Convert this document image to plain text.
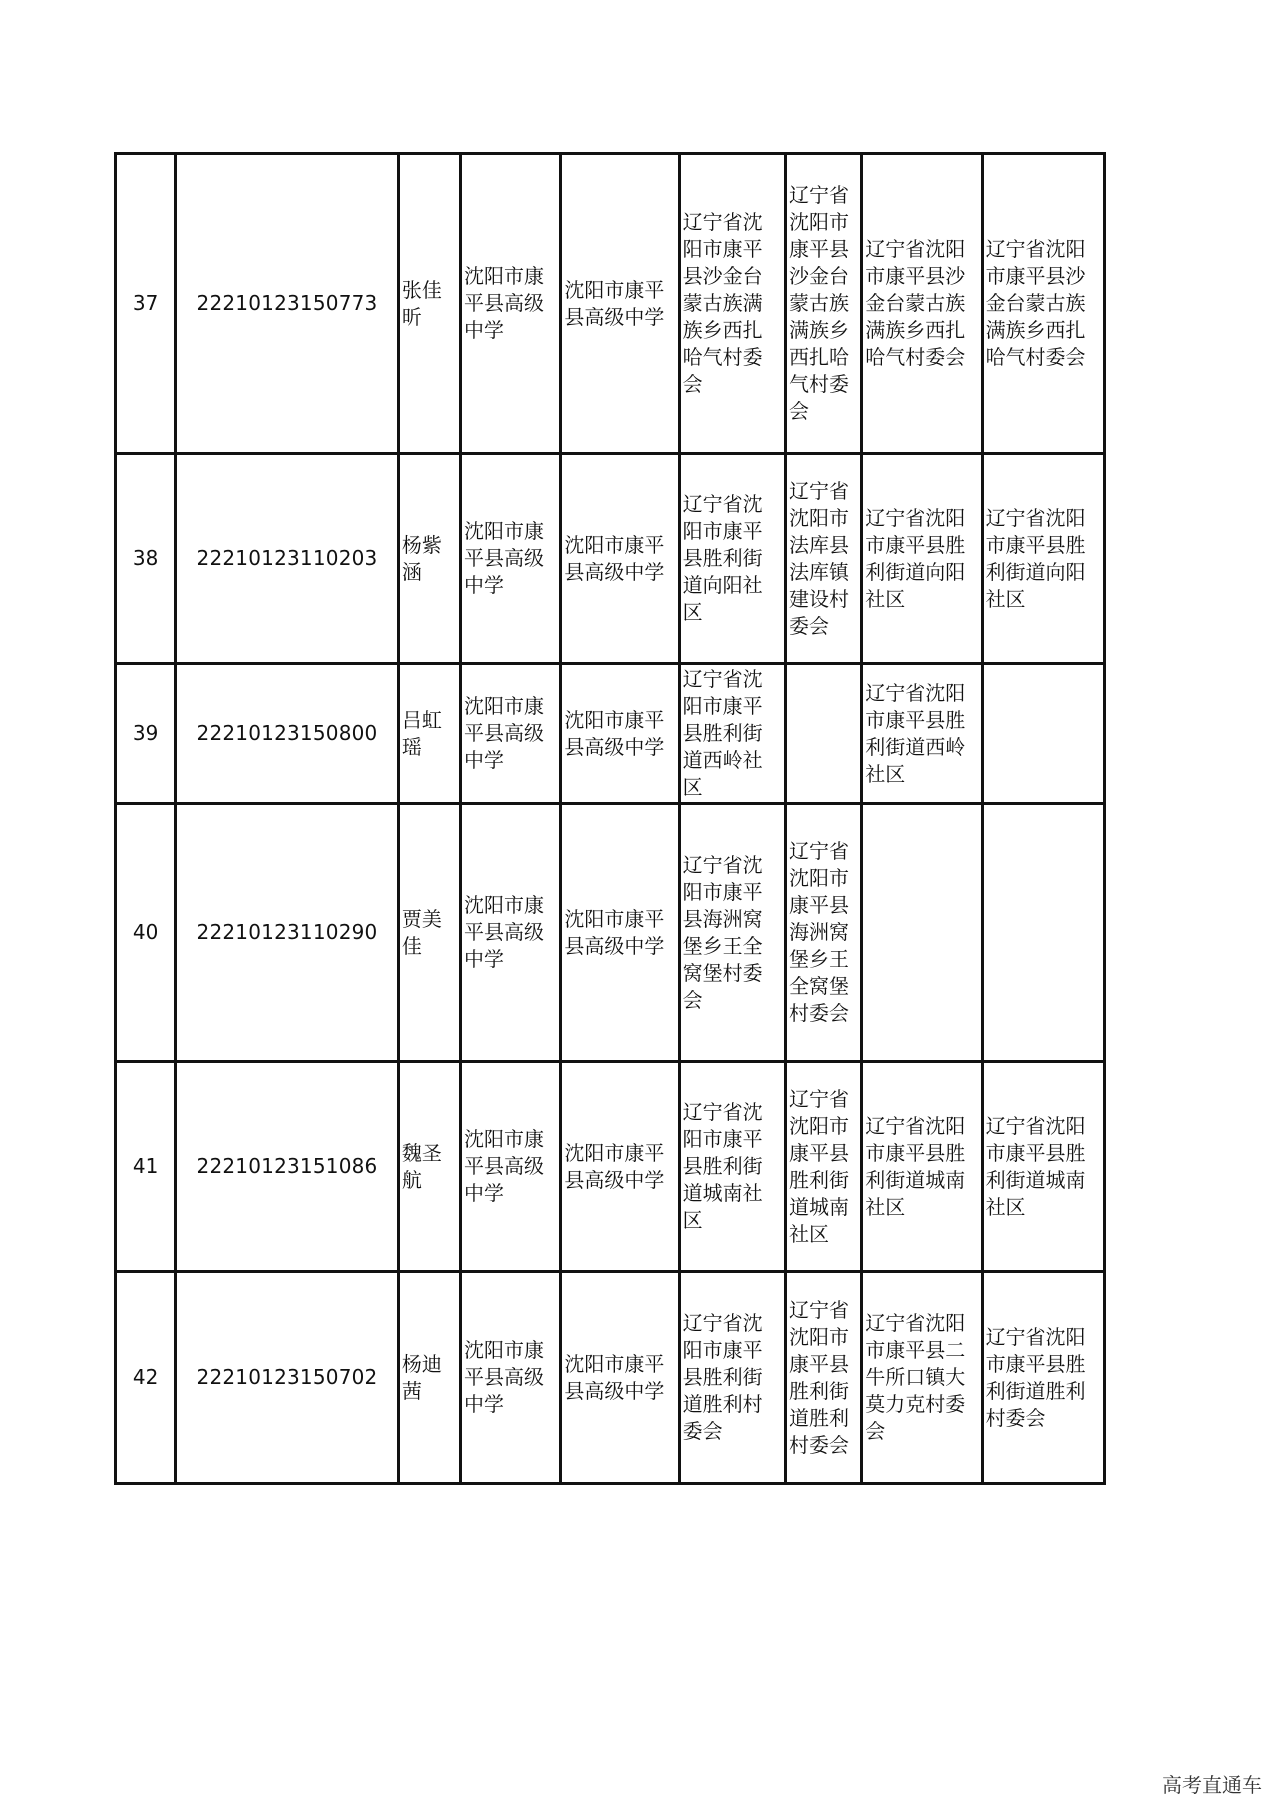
37	22210123150773	张佳昕	沈阳市康平县高级中学	沈阳市康平县高级中学	辽宁省沈阳市康平县沙金台蒙古族满族乡西扎哈气村委会	辽宁省沈阳市康平县沙金台蒙古族满族乡西扎哈气村委会	辽宁省沈阳市康平县沙金台蒙古族满族乡西扎哈气村委会	辽宁省沈阳市康平县沙金台蒙古族满族乡西扎哈气村委会
38	22210123110203	杨紫涵	沈阳市康平县高级中学	沈阳市康平县高级中学	辽宁省沈阳市康平县胜利街道向阳社区	辽宁省沈阳市法库县法库镇建设村委会	辽宁省沈阳市康平县胜利街道向阳社区	辽宁省沈阳市康平县胜利街道向阳社区
39	22210123150800	吕虹瑶	沈阳市康平县高级中学	沈阳市康平县高级中学	辽宁省沈阳市康平县胜利街道西岭社区		辽宁省沈阳市康平县胜利街道西岭社区	
40	22210123110290	贾美佳	沈阳市康平县高级中学	沈阳市康平县高级中学	辽宁省沈阳市康平县海洲窝堡乡王全窝堡村委会	辽宁省沈阳市康平县海洲窝堡乡王全窝堡村委会		
41	22210123151086	魏圣航	沈阳市康平县高级中学	沈阳市康平县高级中学	辽宁省沈阳市康平县胜利街道城南社区	辽宁省沈阳市康平县胜利街道城南社区	辽宁省沈阳市康平县胜利街道城南社区	辽宁省沈阳市康平县胜利街道城南社区
42	22210123150702	杨迪茜	沈阳市康平县高级中学	沈阳市康平县高级中学	辽宁省沈阳市康平县胜利街道胜利村委会	辽宁省沈阳市康平县胜利街道胜利村委会	辽宁省沈阳市康平县二牛所口镇大莫力克村委会	辽宁省沈阳市康平县胜利街道胜利村委会
高考直通车
